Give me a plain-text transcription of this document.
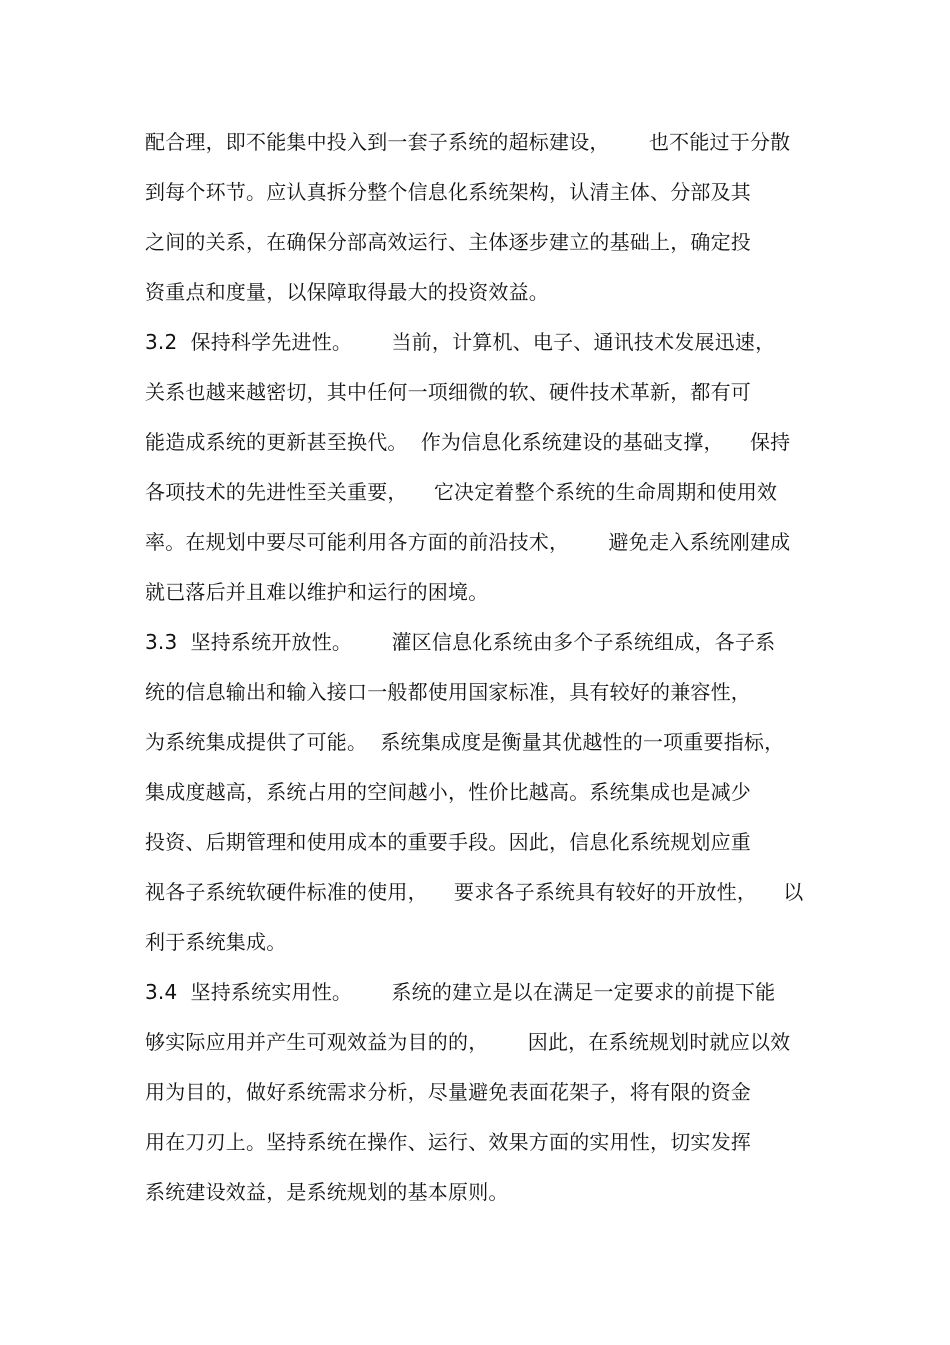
配合理，即不能集中投入到一套子系统的超标建设，      也不能过于分散
到每个环节。应认真拆分整个信息化系统架构，认清主体、分部及其
之间的关系，在确保分部高效运行、主体逐步建立的基础上，确定投
资重点和度量，以保障取得最大的投资效益。
3.2  保持科学先进性。      当前，计算机、电子、通讯技术发展迅速，
关系也越来越密切，其中任何一项细微的软、硬件技术革新，都有可
能造成系统的更新甚至换代。  作为信息化系统建设的基础支撑，    保持
各项技术的先进性至关重要，    它决定着整个系统的生命周期和使用效
率。在规划中要尽可能利用各方面的前沿技术，      避免走入系统刚建成
就已落后并且难以维护和运行的困境。
3.3  坚持系统开放性。      灌区信息化系统由多个子系统组成，各子系
统的信息输出和输入接口一般都使用国家标准，具有较好的兼容性，
为系统集成提供了可能。  系统集成度是衡量其优越性的一项重要指标，
集成度越高，系统占用的空间越小，性价比越高。系统集成也是减少
投资、后期管理和使用成本的重要手段。因此，信息化系统规划应重
视各子系统软硬件标准的使用，    要求各子系统具有较好的开放性，    以
利于系统集成。
3.4  坚持系统实用性。      系统的建立是以在满足一定要求的前提下能
够实际应用并产生可观效益为目的的，      因此，在系统规划时就应以效
用为目的，做好系统需求分析，尽量避免表面花架子，将有限的资金
用在刀刃上。坚持系统在操作、运行、效果方面的实用性，切实发挥
系统建设效益，是系统规划的基本原则。
